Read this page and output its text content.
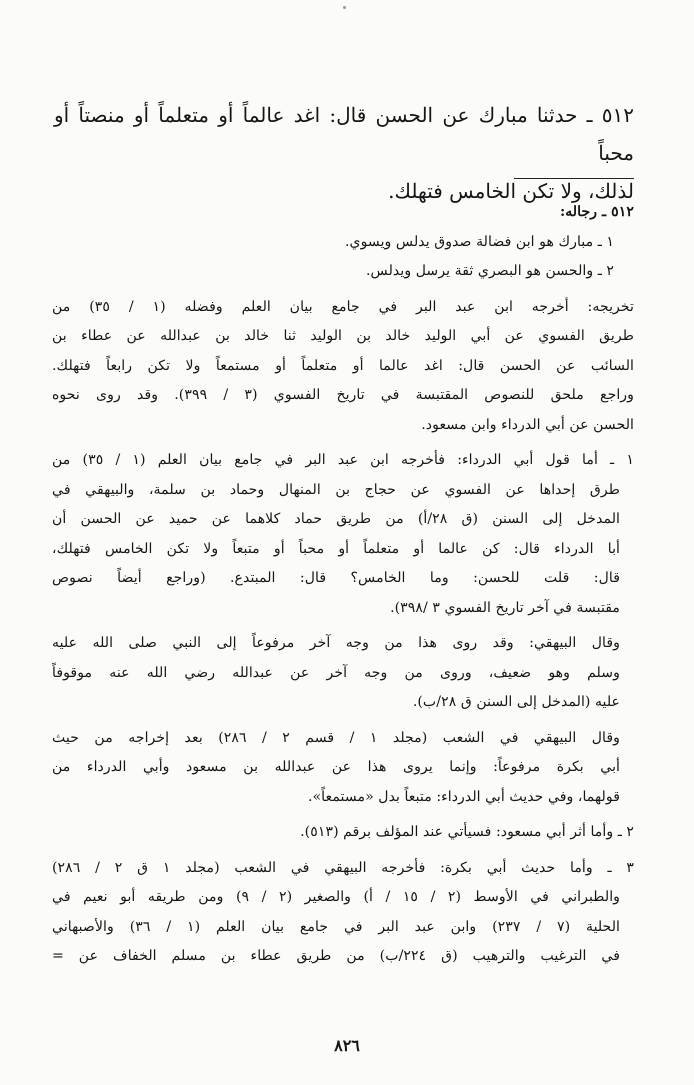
٥١٢ ـ حدثنا مبارك عن الحسن قال: اغد عالماً أو متعلماً أو منصتاً أو محباً
لذلك، ولا تكن الخامس فتهلك.
٥١٢ ـ رجاله:
١ ـ مبارك هو ابن فضالة صدوق يدلس ويسوي.
٢ ـ والحسن هو البصري ثقة يرسل ويدلس.
تخريجه: أخرجه ابن عبد البر في جامع بيان العلم وفضله (١ / ٣٥) من
طريق الفسوي عن أبي الوليد خالد بن الوليد ثنا خالد بن عبدالله عن عطاء بن
السائب عن الحسن قال: اغد عالما أو متعلماً أو مستمعاً ولا تكن رابعاً فتهلك.
وراجع ملحق للنصوص المقتبسة في تاريخ الفسوي (٣ / ٣٩٩). وقد روى نحوه
الحسن عن أبي الدرداء وابن مسعود.
١ ـ أما قول أبي الدرداء: فأخرجه ابن عبد البر في جامع بيان العلم (١ / ٣٥) من
طرق إحداها عن الفسوي عن حجاج بن المنهال وحماد بن سلمة، والبيهقي في
المدخل إلى السنن (ق ٢٨/أ) من طريق حماد كلاهما عن حميد عن الحسن أن
أبا الدرداء قال: كن عالما أو متعلماً أو محباً أو متبعاً ولا تكن الخامس فتهلك،
قال: قلت للحسن: وما الخامس؟ قال: المبتدع. (وراجع أيضاً نصوص
مقتبسة في آخر تاريخ الفسوي ٣ /٣٩٨).
وقال البيهقي: وقد روى هذا من وجه آخر مرفوعاً إلى النبي صلى الله عليه
وسلم وهو ضعيف، وروى من وجه آخر عن عبدالله رضي الله عنه موقوفاً
عليه (المدخل إلى السنن ق ٢٨/ب).
وقال البيهقي في الشعب (مجلد ١ / قسم ٢ / ٢٨٦) بعد إخراجه من حيث
أبي بكرة مرفوعاً: وإنما يروى هذا عن عبدالله بن مسعود وأبي الدرداء من
قولهما، وفي حديث أبي الدرداء: متبعاً بدل «مستمعاً».
٢ ـ وأما أثر أبي مسعود: فسيأتي عند المؤلف برقم (٥١٣).
٣ ـ وأما حديث أبي بكرة: فأخرجه البيهقي في الشعب (مجلد ١ ق ٢ / ٢٨٦)
والطبراني في الأوسط (٢ / ١٥ / أ) والصغير (٢ / ٩) ومن طريقه أبو نعيم في
الحلية (٧ / ٢٣٧) وابن عبد البر في جامع بيان العلم (١ / ٣٦) والأصبهاني
في الترغيب والترهيب (ق ٢٢٤/ب) من طريق عطاء بن مسلم الخفاف عن =
٨٢٦
